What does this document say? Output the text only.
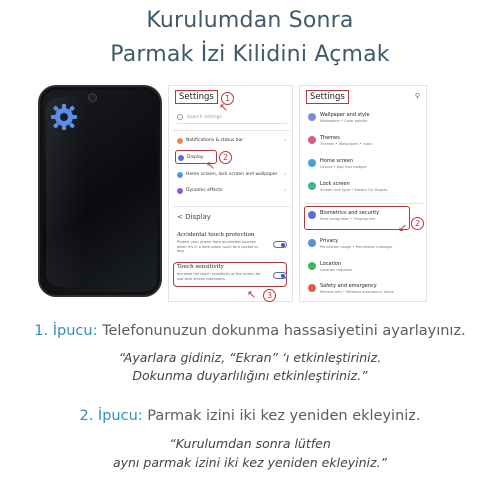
Kurulumdan Sonra
Parmak İzi Kilidini Açmak
Settings	1
↖
Search settings
Notifications & status bar	›
Display	2
↖
Home screen, lock screen and wallpaper ›
Dynamic effects	›
< Display
Accidental touch protection
Protect your phone from accidental touches when it's in a dark place, such as a pocket or bag.
Touch sensitivity
Increase the touch sensitivity of the screen for use with screen protectors.
↖	3
Settings	⚲
Wallpaper and style
Wallpapers • Color palette
Themes
Themes • Wallpapers • Icons
Home screen
Layout • App icon badges
Lock screen
Screen lock type • Always On Display
Biometrics and security
Face recognition • Fingerprints	2
↙
Privacy
Permission usage • Permission manager
Location
Location requests
Safety and emergency
Medical info • Wireless emergency alerts
1. İpucu: Telefonunuzun dokunma hassasiyetini ayarlayınız.
“Ayarlara gidiniz, “Ekran” ‘ı etkinleştiriniz.
Dokunma duyarlılığını etkinleştiriniz.”
2. İpucu: Parmak izini iki kez yeniden ekleyiniz.
“Kurulumdan sonra lütfen
aynı parmak izini iki kez yeniden ekleyiniz.”
